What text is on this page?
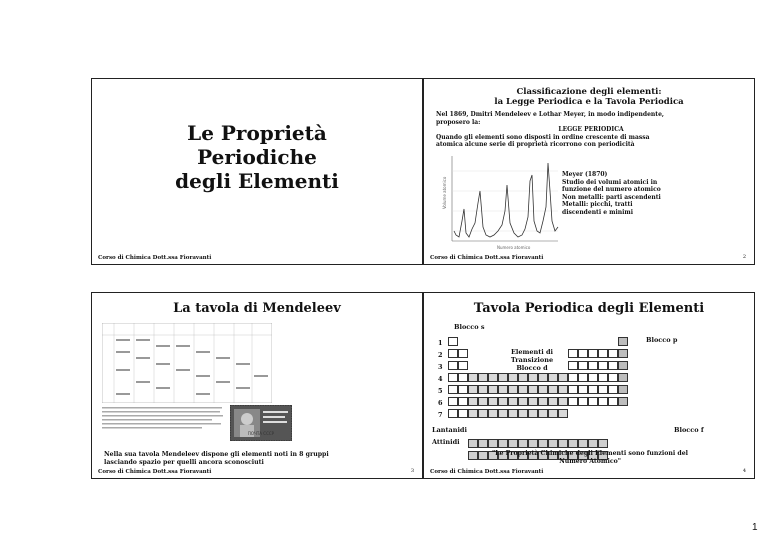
Le Proprietà
Periodiche
degli Elementi
Corso di Chimica Dott.ssa Fioravanti
Classificazione degli elementi:
la Legge Periodica e la Tavola Periodica
Nel 1869, Dmitri Mendeleev e Lothar Meyer, in modo indipendente,
proposero la:
LEGGE PERIODICA
Quando gli elementi sono disposti in ordine crescente di massa
atomica alcune serie di proprietà ricorrono con periodicità
Volume atomico
Numero atomico
Meyer (1870)
Studio dei volumi atomici in
funzione del numero atomico
Non metalli: parti ascendenti
Metalli: picchi, tratti
discendenti e minimi
Corso di Chimica Dott.ssa Fioravanti	2
La tavola di Mendeleev
ПОЧТА СССР
Nella sua tavola Mendeleev dispone gli elementi noti in 8 gruppi
lasciando spazio per quelli ancora sconosciuti
Corso di Chimica Dott.ssa Fioravanti	3
Tavola Periodica degli Elementi
Blocco s
Blocco p
Elementi di Transizione
Blocco d
1
2
3
4
5
6
7
Lantanidi
Attinidi
Blocco f
"Le Proprietà Chimiche degli Elementi sono funzioni del
Numero Atomico"
Corso di Chimica Dott.ssa Fioravanti	4
1
